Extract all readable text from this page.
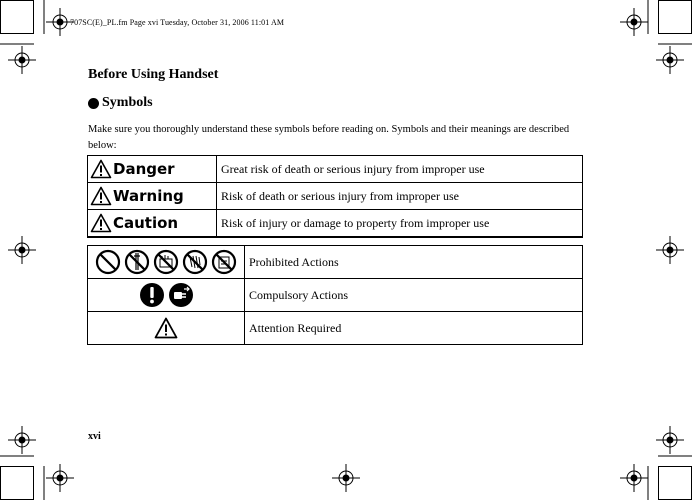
707SC(E)_PL.fm Page xvi Tuesday, October 31, 2006 11:01 AM
Before Using Handset
Symbols
Make sure you thoroughly understand these symbols before reading on. Symbols and their meanings are described below:
Danger	Great risk of death or serious injury from improper use

Warning	Risk of death or serious injury from improper use

Caution	Risk of injury or damage to property from improper use
	Prohibited Actions

	Compulsory Actions

	Attention Required
xvi
